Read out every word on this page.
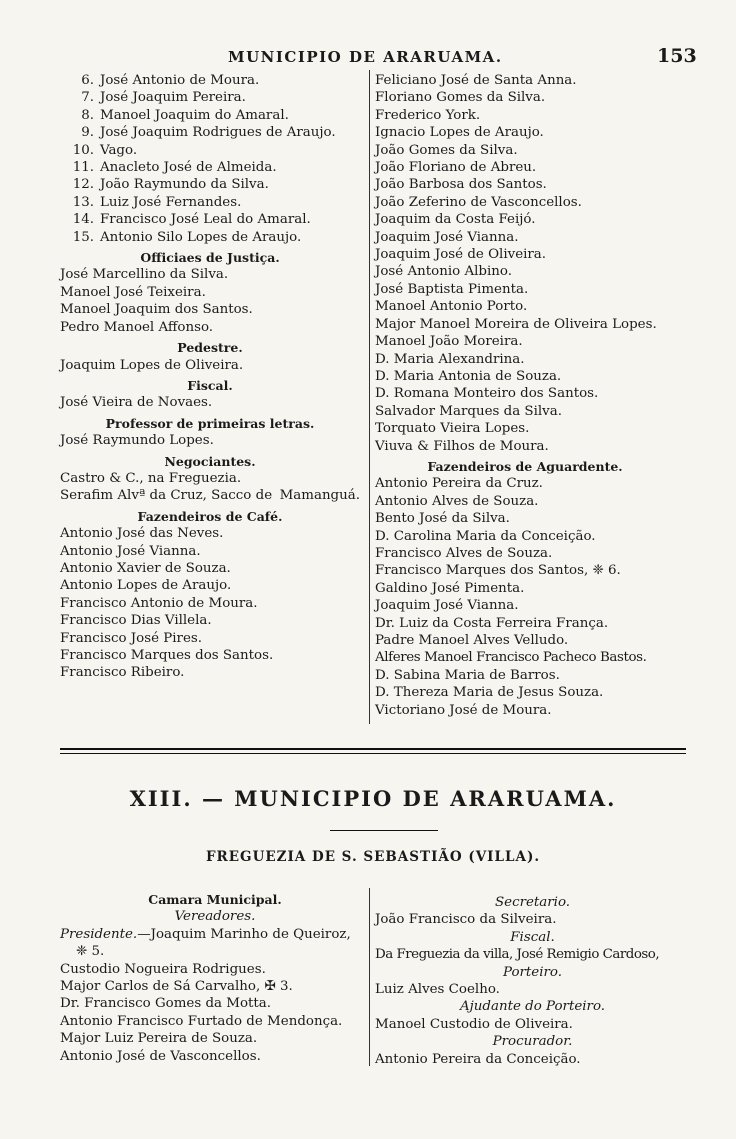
MUNICIPIO DE ARARUAMA.	153
6. José Antonio de Moura.
7. José Joaquim Pereira.
8. Manoel Joaquim do Amaral.
9. José Joaquim Rodrigues de Araujo.
10. Vago.
11. Anacleto José de Almeida.
12. João Raymundo da Silva.
13. Luiz José Fernandes.
14. Francisco José Leal do Amaral.
15. Antonio Silo Lopes de Araujo.
Officiaes de Justiça.
José Marcellino da Silva.
Manoel José Teixeira.
Manoel Joaquim dos Santos.
Pedro Manoel Affonso.
Pedestre.
Joaquim Lopes de Oliveira.
Fiscal.
José Vieira de Novaes.
Professor de primeiras letras.
José Raymundo Lopes.
Negociantes.
Castro & C., na Freguezia.
Serafim Alvª da Cruz, Sacco de Mamanguá.
Fazendeiros de Café.
Antonio José das Neves.
Antonio José Vianna.
Antonio Xavier de Souza.
Antonio Lopes de Araujo.
Francisco Antonio de Moura.
Francisco Dias Villela.
Francisco José Pires.
Francisco Marques dos Santos.
Francisco Ribeiro.
Feliciano José de Santa Anna.
Floriano Gomes da Silva.
Frederico York.
Ignacio Lopes de Araujo.
João Gomes da Silva.
João Floriano de Abreu.
João Barbosa dos Santos.
João Zeferino de Vasconcellos.
Joaquim da Costa Feijó.
Joaquim José Vianna.
Joaquim José de Oliveira.
José Antonio Albino.
José Baptista Pimenta.
Manoel Antonio Porto.
Major Manoel Moreira de Oliveira Lopes.
Manoel João Moreira.
D. Maria Alexandrina.
D. Maria Antonia de Souza.
D. Romana Monteiro dos Santos.
Salvador Marques da Silva.
Torquato Vieira Lopes.
Viuva & Filhos de Moura.
Fazendeiros de Aguardente.
Antonio Pereira da Cruz.
Antonio Alves de Souza.
Bento José da Silva.
D. Carolina Maria da Conceição.
Francisco Alves de Souza.
Francisco Marques dos Santos, ❈ 6.
Galdino José Pimenta.
Joaquim José Vianna.
Dr. Luiz da Costa Ferreira França.
Padre Manoel Alves Velludo.
Alferes Manoel Francisco Pacheco Bastos.
D. Sabina Maria de Barros.
D. Thereza Maria de Jesus Souza.
Victoriano José de Moura.
XIII. — MUNICIPIO DE ARARUAMA.
FREGUEZIA DE S. SEBASTIÃO (VILLA).
Camara Municipal.
Vereadores.
Presidente.—Joaquim Marinho de Queiroz,
❈ 5.
Custodio Nogueira Rodrigues.
Major Carlos de Sá Carvalho, ✠ 3.
Dr. Francisco Gomes da Motta.
Antonio Francisco Furtado de Mendonça.
Major Luiz Pereira de Souza.
Antonio José de Vasconcellos.
Secretario.
João Francisco da Silveira.
Fiscal.
Da Freguezia da villa, José Remigio Cardoso,
Porteiro.
Luiz Alves Coelho.
Ajudante do Porteiro.
Manoel Custodio de Oliveira.
Procurador.
Antonio Pereira da Conceição.
